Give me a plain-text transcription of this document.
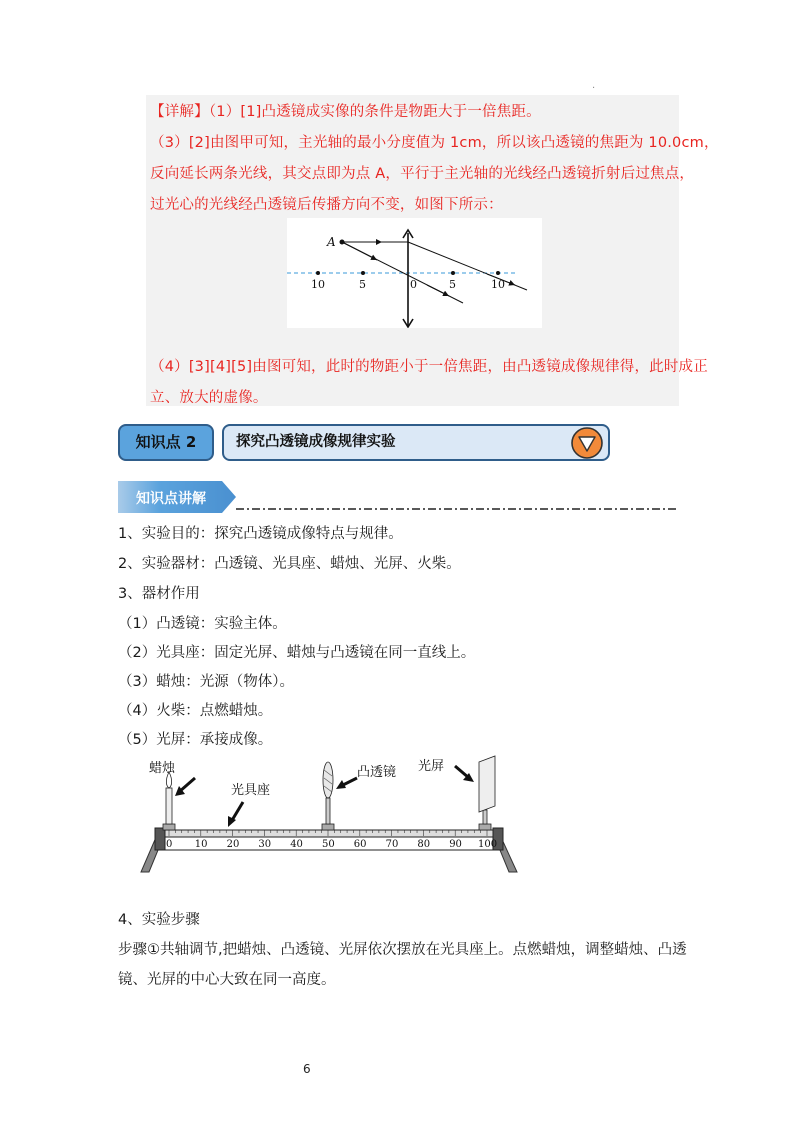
.
【详解】（1）[1]凸透镜成实像的条件是物距大于一倍焦距。
（3）[2]由图甲可知，主光轴的最小分度值为 1cm，所以该凸透镜的焦距为 10.0cm，
反向延长两条光线，其交点即为点 A，平行于主光轴的光线经凸透镜折射后过焦点，
过光心的光线经凸透镜后传播方向不变，如图下所示：
A
10	5	0	5	10
（4）[3][4][5]由图可知，此时的物距小于一倍焦距，由凸透镜成像规律得，此时成正
立、放大的虚像。
知识点 2	探究凸透镜成像规律实验
知识点讲解
1、实验目的：探究凸透镜成像特点与规律。
2、实验器材：凸透镜、光具座、蜡烛、光屏、火柴。
3、器材作用
（1）凸透镜：实验主体。
（2）光具座：固定光屏、蜡烛与凸透镜在同一直线上。
（3）蜡烛：光源（物体）。
（4）火柴：点燃蜡烛。
（5）光屏：承接成像。
0 10 20 30 40 50 60 70 80 90 100
蜡烛
光具座
凸透镜 光屏
4、实验步骤
步骤①共轴调节,把蜡烛、凸透镜、光屏依次摆放在光具座上。点燃蜡烛，调整蜡烛、凸透
镜、光屏的中心大致在同一高度。
6
